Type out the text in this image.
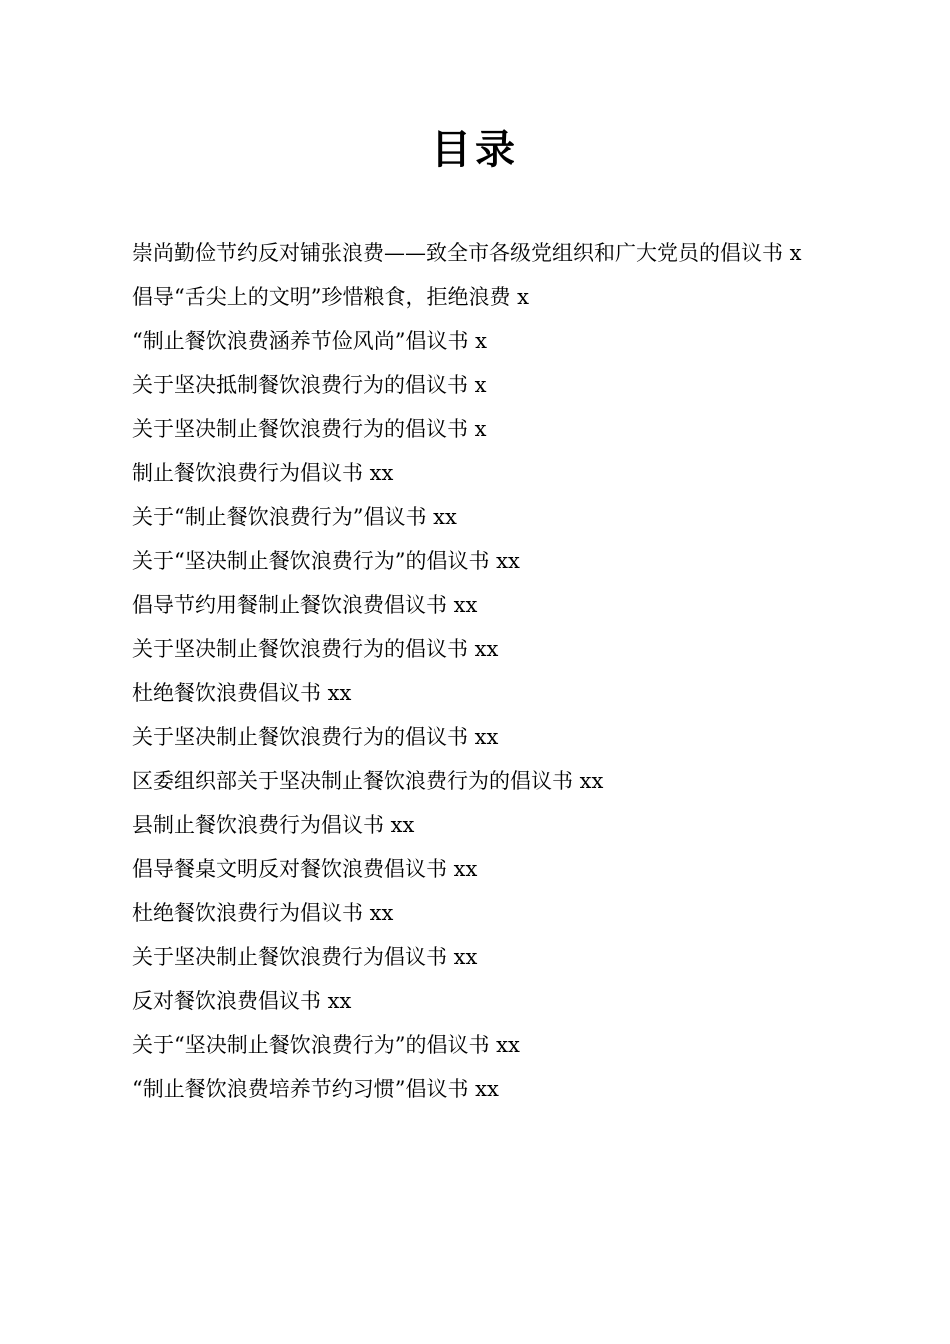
目录

崇尚勤俭节约反对铺张浪费——致全市各级党组织和广大党员的倡议书 x

倡导“舌尖上的文明”珍惜粮食，拒绝浪费 x

“制止餐饮浪费涵养节俭风尚”倡议书 x

关于坚决抵制餐饮浪费行为的倡议书 x

关于坚决制止餐饮浪费行为的倡议书 x

制止餐饮浪费行为倡议书 xx

关于“制止餐饮浪费行为”倡议书 xx

关于“坚决制止餐饮浪费行为”的倡议书 xx

倡导节约用餐制止餐饮浪费倡议书 xx

关于坚决制止餐饮浪费行为的倡议书 xx

杜绝餐饮浪费倡议书 xx

关于坚决制止餐饮浪费行为的倡议书 xx

区委组织部关于坚决制止餐饮浪费行为的倡议书 xx

县制止餐饮浪费行为倡议书 xx

倡导餐桌文明反对餐饮浪费倡议书 xx

杜绝餐饮浪费行为倡议书 xx

关于坚决制止餐饮浪费行为倡议书 xx

反对餐饮浪费倡议书 xx

关于“坚决制止餐饮浪费行为”的倡议书 xx

“制止餐饮浪费培养节约习惯”倡议书 xx
